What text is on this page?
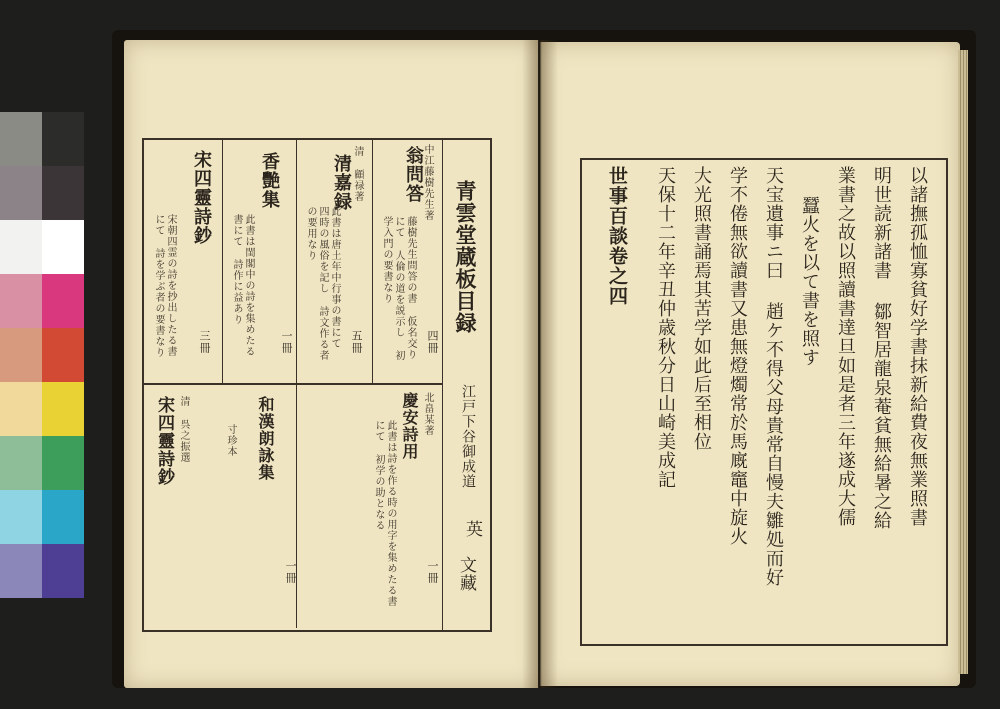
青雲堂蔵板目録
江戸下谷御成道
英
文藏
中江藤樹先生著
翁問答
藤樹先生問答の書 仮名交りにて 人倫の道を説示し 初学入門の要書なり
四冊
清 顧禄著
清嘉録
此書は唐土年中行事の書にて 四時の風俗を記し 詩文作る者の要用なり
五冊
香艷集
此書は閨閣中の詩を集めたる書にて 詩作に益あり
一冊
宋四靈詩鈔
宋朝四霊の詩を抄出したる書にて 詩を学ぶ者の要書なり	三冊
北畠某著
慶安詩用
此書は詩を作る時の用字を集めたる書にて 初学の助となる
一冊
和漢朗詠集
寸珍本
一冊
清 呉之振選
宋四靈詩鈔	以諸撫孤恤寡貧好学書抹新給費夜無業照書
明世読新諸書 鄒智居龍泉菴貧無給暑之給
業書之故以照讀書達旦如是者三年遂成大儒
蠶火を以て書を照す
天宝遺事ニ曰 趙ケ不得父母貴常自慢夫雛処而好
学不倦無欲讀書又患無燈燭常於馬廐竈中旋火
大光照書誦焉其苦学如此后至相位
天保十二年辛丑仲歳秋分日山崎美成記
世事百談卷之四
